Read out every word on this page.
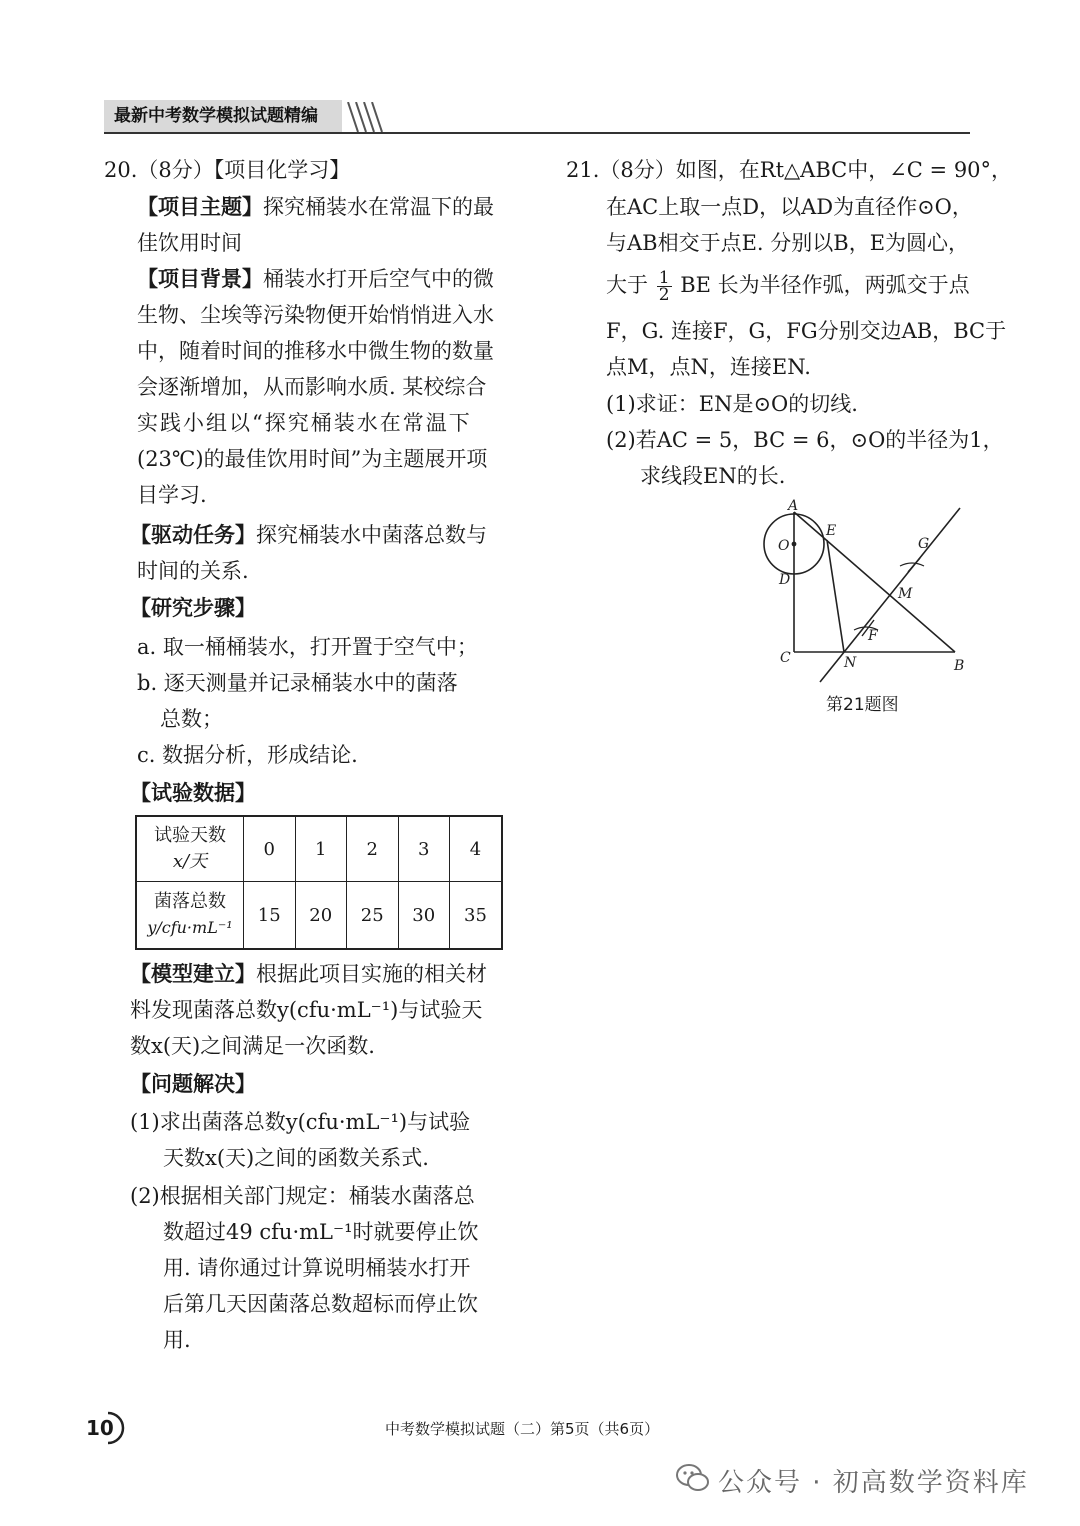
最新中考数学模拟试题精编
20.（8分）【项目化学习】
【项目主题】探究桶装水在常温下的最
佳饮用时间
【项目背景】桶装水打开后空气中的微
生物、尘埃等污染物便开始悄悄进入水
中，随着时间的推移水中微生物的数量
会逐渐增加，从而影响水质. 某校综合
实践小组以“探究桶装水在常温下
(23℃)的最佳饮用时间”为主题展开项
目学习.
【驱动任务】探究桶装水中菌落总数与
时间的关系.
【研究步骤】
a. 取一桶桶装水，打开置于空气中；
b. 逐天测量并记录桶装水中的菌落
总数；
c. 数据分析，形成结论.
【试验数据】
试验天数
x/天	0	1	2	3	4

菌落总数
y/cfu·mL⁻¹	15	20	25	30	35
【模型建立】根据此项目实施的相关材
料发现菌落总数y(cfu·mL⁻¹)与试验天
数x(天)之间满足一次函数.
【问题解决】
(1)求出菌落总数y(cfu·mL⁻¹)与试验
天数x(天)之间的函数关系式.
(2)根据相关部门规定：桶装水菌落总
数超过49 cfu·mL⁻¹时就要停止饮
用. 请你通过计算说明桶装水打开
后第几天因菌落总数超标而停止饮
用.
21.（8分）如图，在Rt△ABC中，∠C = 90°，
在AC上取一点D，以AD为直径作⊙O，
与AB相交于点E. 分别以B，E为圆心，
大于 $\frac{1}{2}$ BE 长为半径作弧，两弧交于点
F，G. 连接F，G，FG分别交边AB，BC于
点M，点N，连接EN.
(1)求证：EN是⊙O的切线.
(2)若AC = 5，BC = 6，⊙O的半径为1，
求线段EN的长.
A
E
O
D
G
M
F
C	N	B
第21题图
10	中考数学模拟试题（二）第5页（共6页）
公众号 · 初高数学资料库
